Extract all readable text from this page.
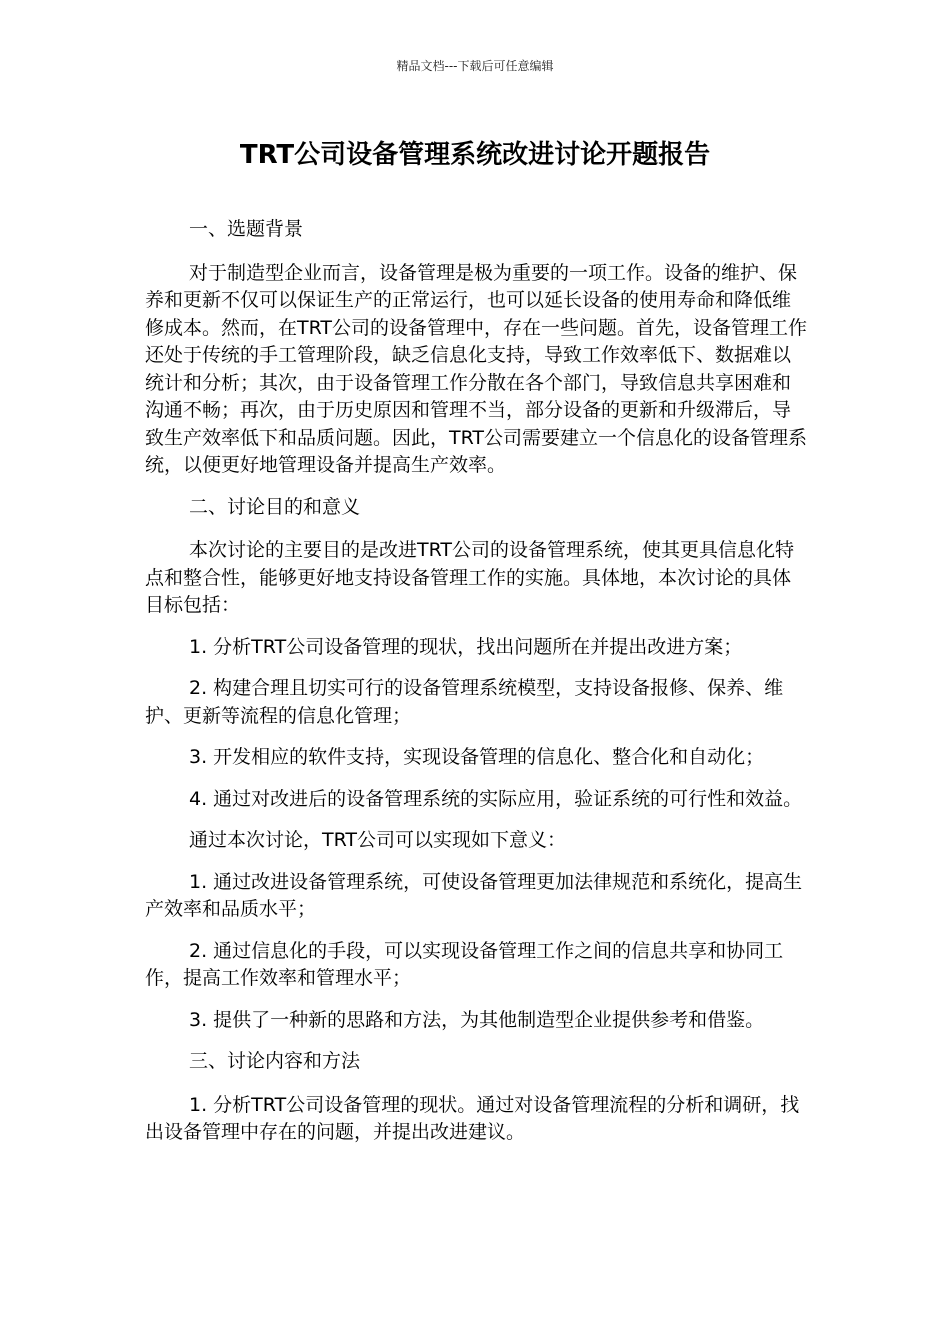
精品文档---下载后可任意编辑
TRT公司设备管理系统改进讨论开题报告

一、选题背景

对于制造型企业而言，设备管理是极为重要的一项工作。设备的维护、保养和更新不仅可以保证生产的正常运行，也可以延长设备的使用寿命和降低维修成本。然而，在TRT公司的设备管理中，存在一些问题。首先，设备管理工作还处于传统的手工管理阶段，缺乏信息化支持，导致工作效率低下、数据难以统计和分析；其次，由于设备管理工作分散在各个部门，导致信息共享困难和沟通不畅；再次，由于历史原因和管理不当，部分设备的更新和升级滞后，导致生产效率低下和品质问题。因此，TRT公司需要建立一个信息化的设备管理系统，以便更好地管理设备并提高生产效率。

二、讨论目的和意义

本次讨论的主要目的是改进TRT公司的设备管理系统，使其更具信息化特点和整合性，能够更好地支持设备管理工作的实施。具体地，本次讨论的具体目标包括：

1. 分析TRT公司设备管理的现状，找出问题所在并提出改进方案；

2. 构建合理且切实可行的设备管理系统模型，支持设备报修、保养、维护、更新等流程的信息化管理；

3. 开发相应的软件支持，实现设备管理的信息化、整合化和自动化；

4. 通过对改进后的设备管理系统的实际应用，验证系统的可行性和效益。

通过本次讨论，TRT公司可以实现如下意义：

1. 通过改进设备管理系统，可使设备管理更加法律规范和系统化，提高生产效率和品质水平；

2. 通过信息化的手段，可以实现设备管理工作之间的信息共享和协同工作，提高工作效率和管理水平；

3. 提供了一种新的思路和方法，为其他制造型企业提供参考和借鉴。

三、讨论内容和方法

1. 分析TRT公司设备管理的现状。通过对设备管理流程的分析和调研，找出设备管理中存在的问题，并提出改进建议。
